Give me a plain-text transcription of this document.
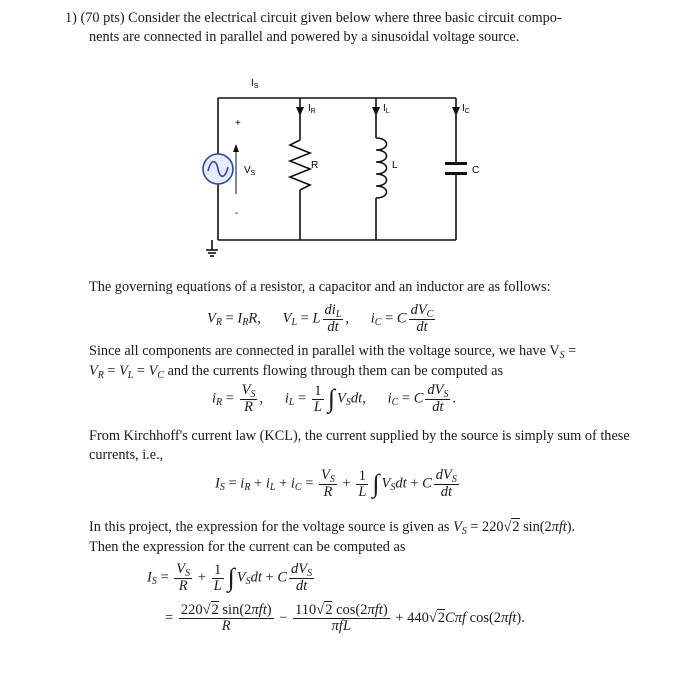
1) (70 pts) Consider the electrical circuit given below where three basic circuit compo-
nents are connected in parallel and powered by a sinusoidal voltage source.
$I_S$
$I_R$	$I_L$	$I_C$
$V_S$
+
-
R	L	C
The governing equations of a resistor, a capacitor and an inductor are as follows:
$V_R = I_RR$,      $V_L = L \frac{di_L}{dt}$ ,      $i_C = C \frac{dV_C}{dt}$
Since all components are connected in parallel with the voltage source, we have $V_S$ =
$V_R = V_L = V_C$ and the currents flowing through them can be computed as
$i_R = \frac{V_S}{R}$ ,      $i_L = \frac{1}{L}$ ∫ $V_Sdt$,      $i_C = C \frac{dV_S}{dt}$ .
From Kirchhoff's current law (KCL), the current supplied by the source is simply sum of these currents, i.e.,
$I_S = i_R + i_L + i_C = \frac{V_S}{R} + \frac{1}{L}$ ∫ $V_Sdt + C \frac{dV_S}{dt}$
In this project, the expression for the voltage source is given as $V_S = 220√2$ sin(2πft).
Then the expression for the current can be computed as
$I_S = \frac{V_S}{R} + \frac{1}{L}$ ∫ $V_Sdt + C \frac{dV_S}{dt}$
= $\frac{\text{220√2 sin(2πft)}}{R} - \frac{\text{110√2 cos(2πft)}}{\text{πfL}} + 440√2C\pi f$ cos(2πft).
